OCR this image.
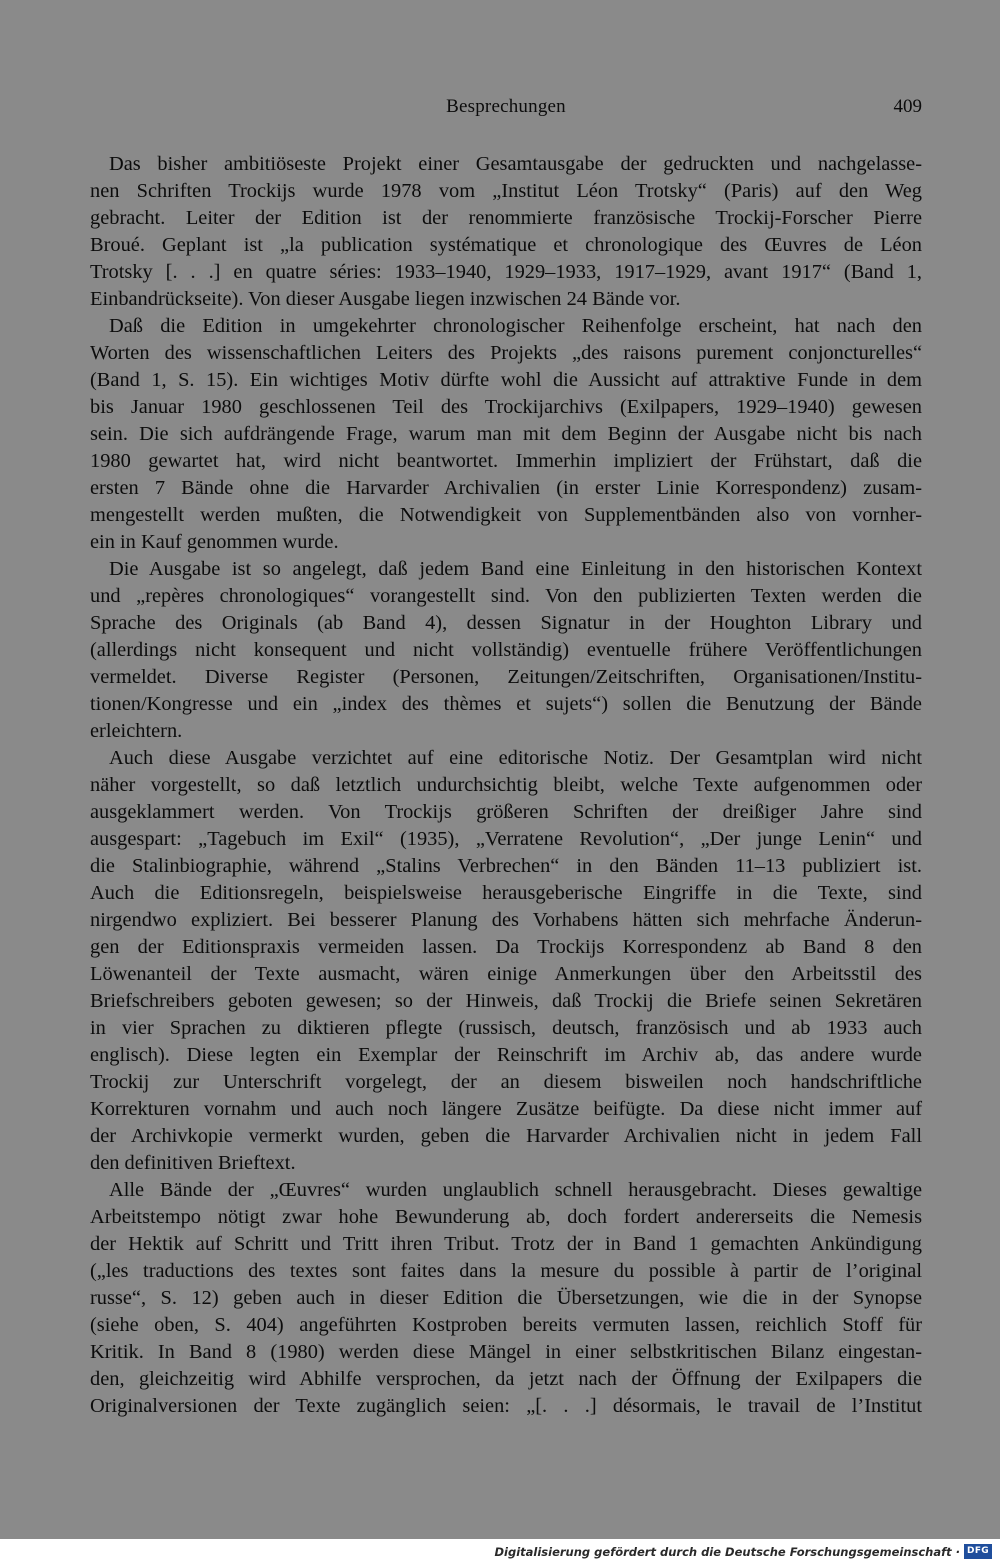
Besprechungen	409
Das bisher ambitiöseste Projekt einer Gesamtausgabe der gedruckten und nachgelasse-
nen Schriften Trockijs wurde 1978 vom „Institut Léon Trotsky“ (Paris) auf den Weg
gebracht. Leiter der Edition ist der renommierte französische Trockij-Forscher Pierre
Broué. Geplant ist „la publication systématique et chronologique des Œuvres de Léon
Trotsky [. . .] en quatre séries: 1933–1940, 1929–1933, 1917–1929, avant 1917“ (Band 1,
Einbandrückseite). Von dieser Ausgabe liegen inzwischen 24 Bände vor.
Daß die Edition in umgekehrter chronologischer Reihenfolge erscheint, hat nach den
Worten des wissenschaftlichen Leiters des Projekts „des raisons purement conjoncturelles“
(Band 1, S. 15). Ein wichtiges Motiv dürfte wohl die Aussicht auf attraktive Funde in dem
bis Januar 1980 geschlossenen Teil des Trockijarchivs (Exilpapers, 1929–1940) gewesen
sein. Die sich aufdrängende Frage, warum man mit dem Beginn der Ausgabe nicht bis nach
1980 gewartet hat, wird nicht beantwortet. Immerhin impliziert der Frühstart, daß die
ersten 7 Bände ohne die Harvarder Archivalien (in erster Linie Korrespondenz) zusam-
mengestellt werden mußten, die Notwendigkeit von Supplementbänden also von vornher-
ein in Kauf genommen wurde.
Die Ausgabe ist so angelegt, daß jedem Band eine Einleitung in den historischen Kontext
und „repères chronologiques“ vorangestellt sind. Von den publizierten Texten werden die
Sprache des Originals (ab Band 4), dessen Signatur in der Houghton Library und
(allerdings nicht konsequent und nicht vollständig) eventuelle frühere Veröffentlichungen
vermeldet. Diverse Register (Personen, Zeitungen/Zeitschriften, Organisationen/Institu-
tionen/Kongresse und ein „index des thèmes et sujets“) sollen die Benutzung der Bände
erleichtern.
Auch diese Ausgabe verzichtet auf eine editorische Notiz. Der Gesamtplan wird nicht
näher vorgestellt, so daß letztlich undurchsichtig bleibt, welche Texte aufgenommen oder
ausgeklammert werden. Von Trockijs größeren Schriften der dreißiger Jahre sind
ausgespart: „Tagebuch im Exil“ (1935), „Verratene Revolution“, „Der junge Lenin“ und
die Stalinbiographie, während „Stalins Verbrechen“ in den Bänden 11–13 publiziert ist.
Auch die Editionsregeln, beispielsweise herausgeberische Eingriffe in die Texte, sind
nirgendwo expliziert. Bei besserer Planung des Vorhabens hätten sich mehrfache Änderun-
gen der Editionspraxis vermeiden lassen. Da Trockijs Korrespondenz ab Band 8 den
Löwenanteil der Texte ausmacht, wären einige Anmerkungen über den Arbeitsstil des
Briefschreibers geboten gewesen; so der Hinweis, daß Trockij die Briefe seinen Sekretären
in vier Sprachen zu diktieren pflegte (russisch, deutsch, französisch und ab 1933 auch
englisch). Diese legten ein Exemplar der Reinschrift im Archiv ab, das andere wurde
Trockij zur Unterschrift vorgelegt, der an diesem bisweilen noch handschriftliche
Korrekturen vornahm und auch noch längere Zusätze beifügte. Da diese nicht immer auf
der Archivkopie vermerkt wurden, geben die Harvarder Archivalien nicht in jedem Fall
den definitiven Brieftext.
Alle Bände der „Œuvres“ wurden unglaublich schnell herausgebracht. Dieses gewaltige
Arbeitstempo nötigt zwar hohe Bewunderung ab, doch fordert andererseits die Nemesis
der Hektik auf Schritt und Tritt ihren Tribut. Trotz der in Band 1 gemachten Ankündigung
(„les traductions des textes sont faites dans la mesure du possible à partir de l’original
russe“, S. 12) geben auch in dieser Edition die Übersetzungen, wie die in der Synopse
(siehe oben, S. 404) angeführten Kostproben bereits vermuten lassen, reichlich Stoff für
Kritik. In Band 8 (1980) werden diese Mängel in einer selbstkritischen Bilanz eingestan-
den, gleichzeitig wird Abhilfe versprochen, da jetzt nach der Öffnung der Exilpapers die
Originalversionen der Texte zugänglich seien: „[. . .] désormais, le travail de l’Institut
Digitalisierung gefördert durch die Deutsche Forschungsgemeinschaft · DFG
